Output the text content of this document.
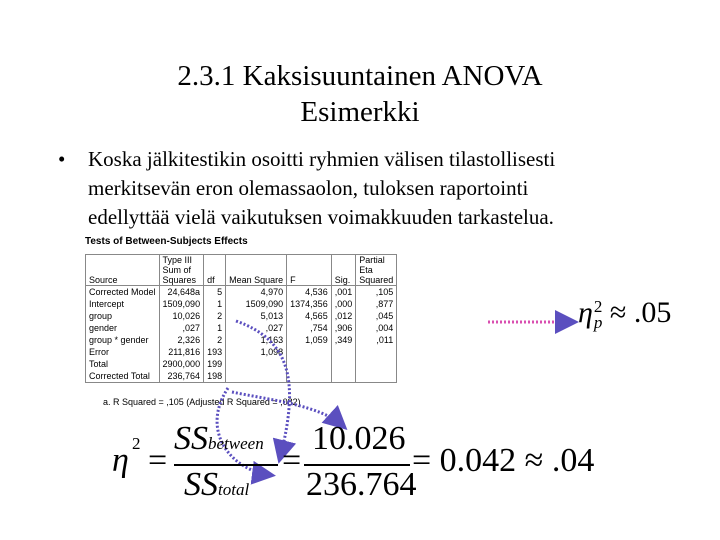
2.3.1 Kaksisuuntainen ANOVA
Esimerkki
• Koska jälkitestikin osoitti ryhmien välisen tilastollisesti
merkitsevän eron olemassaolon, tuloksen raportointi
edellyttää vielä vaikutuksen voimakkuuden tarkastelua.
Tests of Between-Subjects Effects
Source	Type III Sum of Squares	df	Mean Square	F	Sig.	Partial Eta Squared
Corrected Model	24,648a	5	4,970	4,536	,001	,105
Intercept	1509,090	1	1509,090	1374,356	,000	,877
group	10,026	2	5,013	4,565	,012	,045
gender	,027	1	,027	,754	,906	,004
group * gender	2,326	2	1,163	1,059	,349	,011
Error	211,816	193	1,098			
Total	2900,000	199				
Corrected Total	236,764	198				
a. R Squared = ,105 (Adjusted R Squared = ,082)
η 2
p ≈ .05
η 2 =
SSbetween
SStotal
=
10.026
236.764
= 0.042 ≈ .04
